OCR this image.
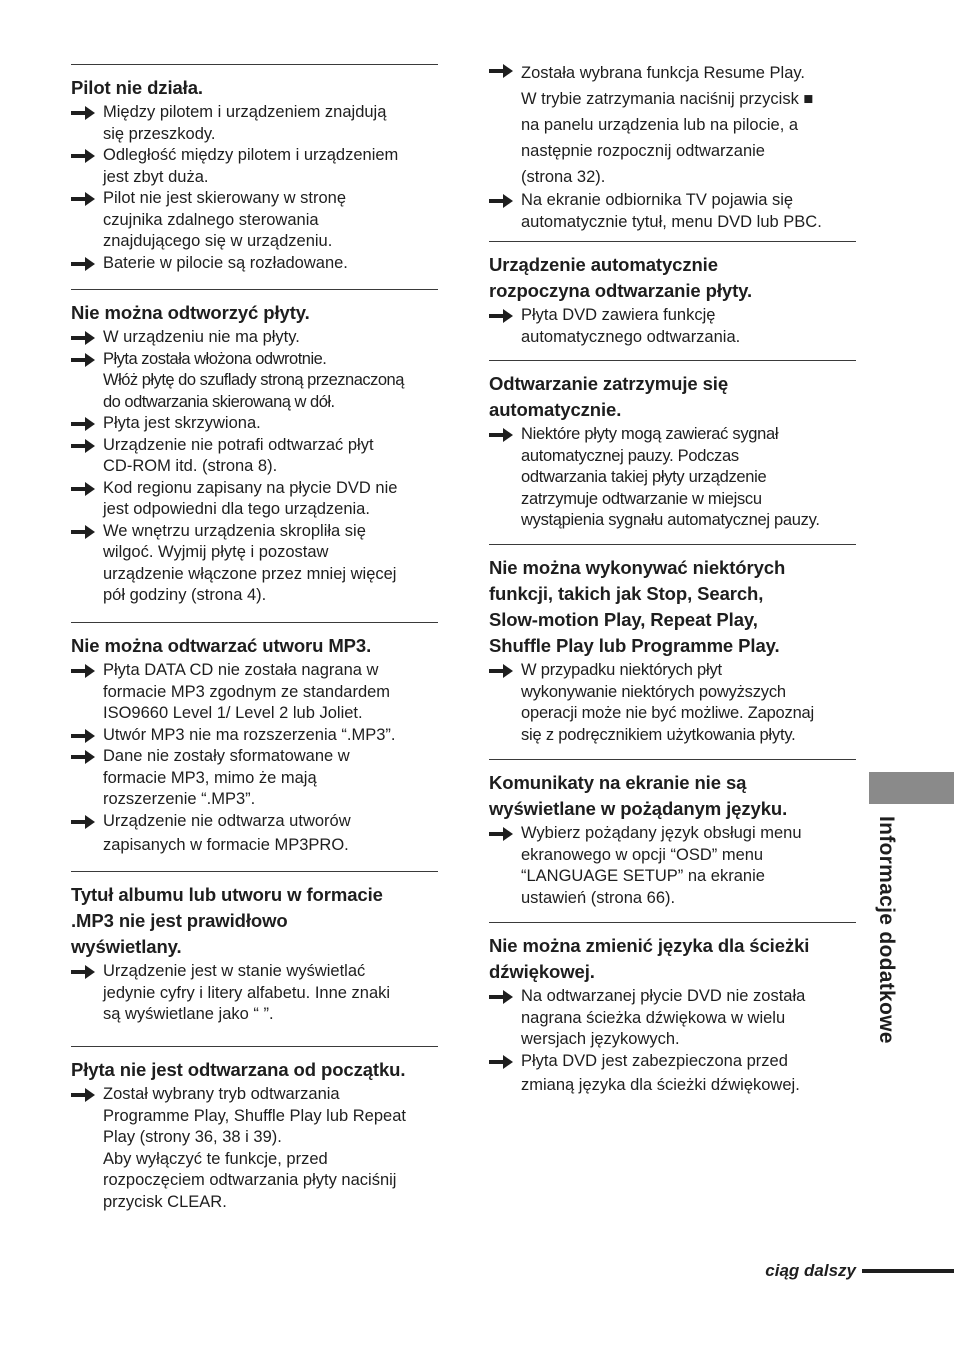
Pilot nie działa.
Między pilotem i urządzeniem znajdują
się przeszkody.
Odległość między pilotem i urządzeniem
jest zbyt duża.
Pilot nie jest skierowany w stronę
czujnika zdalnego sterowania
znajdującego się w urządzeniu.
Baterie w pilocie są rozładowane.
Nie można odtworzyć płyty.
W urządzeniu nie ma płyty.
Płyta została włożona odwrotnie.
Włóż płytę do szuflady stroną przeznaczoną
do odtwarzania skierowaną w dół.
Płyta jest skrzywiona.
Urządzenie nie potrafi odtwarzać płyt
CD-ROM itd. (strona 8).
Kod regionu zapisany na płycie DVD nie
jest odpowiedni dla tego urządzenia.
We wnętrzu urządzenia skropliła się
wilgoć. Wyjmij płytę i pozostaw
urządzenie włączone przez mniej więcej
pół godziny (strona 4).
Nie można odtwarzać utworu MP3.
Płyta DATA CD nie została nagrana w
formacie MP3 zgodnym ze standardem
ISO9660 Level 1/ Level 2 lub Joliet.
Utwór MP3 nie ma rozszerzenia “.MP3”.
Dane nie zostały sformatowane w
formacie MP3, mimo że mają
rozszerzenie “.MP3”.
Urządzenie nie odtwarza utworów
zapisanych w formacie MP3PRO.
Tytuł albumu lub utworu w formacie
.MP3 nie jest prawidłowo
wyświetlany.
Urządzenie jest w stanie wyświetlać
jedynie cyfry i litery alfabetu. Inne znaki
są wyświetlane jako “ ”.
Płyta nie jest odtwarzana od początku.
Został wybrany tryb odtwarzania
Programme Play, Shuffle Play lub Repeat
Play (strony 36, 38 i 39).
Aby wyłączyć te funkcje, przed
rozpoczęciem odtwarzania płyty naciśnij
przycisk CLEAR.
Została wybrana funkcja Resume Play.
W trybie zatrzymania naciśnij przycisk ■
na panelu urządzenia lub na pilocie, a
następnie rozpocznij odtwarzanie
(strona 32).
Na ekranie odbiornika TV pojawia się
automatycznie tytuł, menu DVD lub PBC.
Urządzenie automatycznie
rozpoczyna odtwarzanie płyty.
Płyta DVD zawiera funkcję
automatycznego odtwarzania.
Odtwarzanie zatrzymuje się
automatycznie.
Niektóre płyty mogą zawierać sygnał
automatycznej pauzy. Podczas
odtwarzania takiej płyty urządzenie
zatrzymuje odtwarzanie w miejscu
wystąpienia sygnału automatycznej pauzy.
Nie można wykonywać niektórych
funkcji, takich jak Stop, Search,
Slow-motion Play, Repeat Play,
Shuffle Play lub Programme Play.
W przypadku niektórych płyt
wykonywanie niektórych powyższych
operacji może nie być możliwe. Zapoznaj
się z podręcznikiem użytkowania płyty.
Komunikaty na ekranie nie są
wyświetlane w pożądanym języku.
Wybierz pożądany język obsługi menu
ekranowego w opcji “OSD” menu
“LANGUAGE SETUP” na ekranie
ustawień (strona 66).
Nie można zmienić języka dla ścieżki
dźwiękowej.
Na odtwarzanej płycie DVD nie została
nagrana ścieżka dźwiękowa w wielu
wersjach językowych.
Płyta DVD jest zabezpieczona przed
zmianą języka dla ścieżki dźwiękowej.
Informacje dodatkowe
ciąg dalszy
